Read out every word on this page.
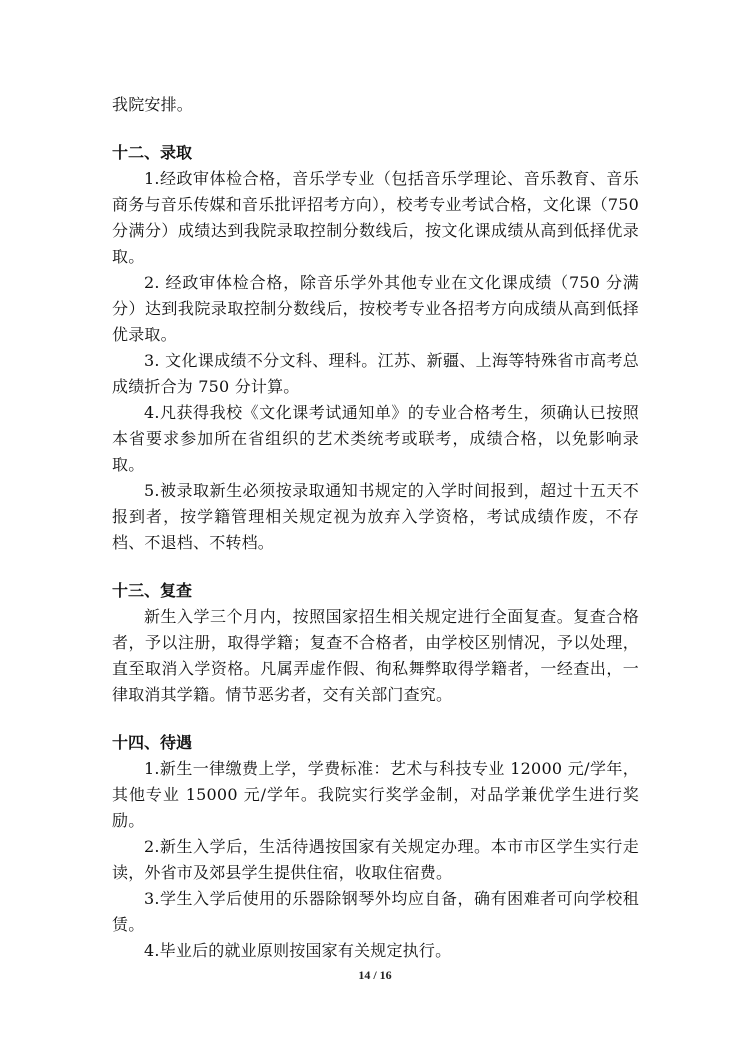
我院安排。

十二、录取

1.经政审体检合格，音乐学专业（包括音乐学理论、音乐教育、音乐商务与音乐传媒和音乐批评招考方向），校考专业考试合格，文化课（750 分满分）成绩达到我院录取控制分数线后，按文化课成绩从高到低择优录取。

2. 经政审体检合格，除音乐学外其他专业在文化课成绩（750 分满分）达到我院录取控制分数线后，按校考专业各招考方向成绩从高到低择优录取。

3. 文化课成绩不分文科、理科。江苏、新疆、上海等特殊省市高考总成绩折合为 750 分计算。

4.凡获得我校《文化课考试通知单》的专业合格考生，须确认已按照本省要求参加所在省组织的艺术类统考或联考，成绩合格，以免影响录取。

5.被录取新生必须按录取通知书规定的入学时间报到，超过十五天不报到者，按学籍管理相关规定视为放弃入学资格，考试成绩作废，不存档、不退档、不转档。

十三、复查

新生入学三个月内，按照国家招生相关规定进行全面复查。复查合格者，予以注册，取得学籍；复查不合格者，由学校区别情况，予以处理，直至取消入学资格。凡属弄虚作假、徇私舞弊取得学籍者，一经查出，一律取消其学籍。情节恶劣者，交有关部门查究。

十四、待遇

1.新生一律缴费上学，学费标准：艺术与科技专业 12000 元/学年，其他专业 15000 元/学年。我院实行奖学金制，对品学兼优学生进行奖励。

2.新生入学后，生活待遇按国家有关规定办理。本市市区学生实行走读，外省市及郊县学生提供住宿，收取住宿费。

3.学生入学后使用的乐器除钢琴外均应自备，确有困难者可向学校租赁。

4.毕业后的就业原则按国家有关规定执行。

14 / 16
